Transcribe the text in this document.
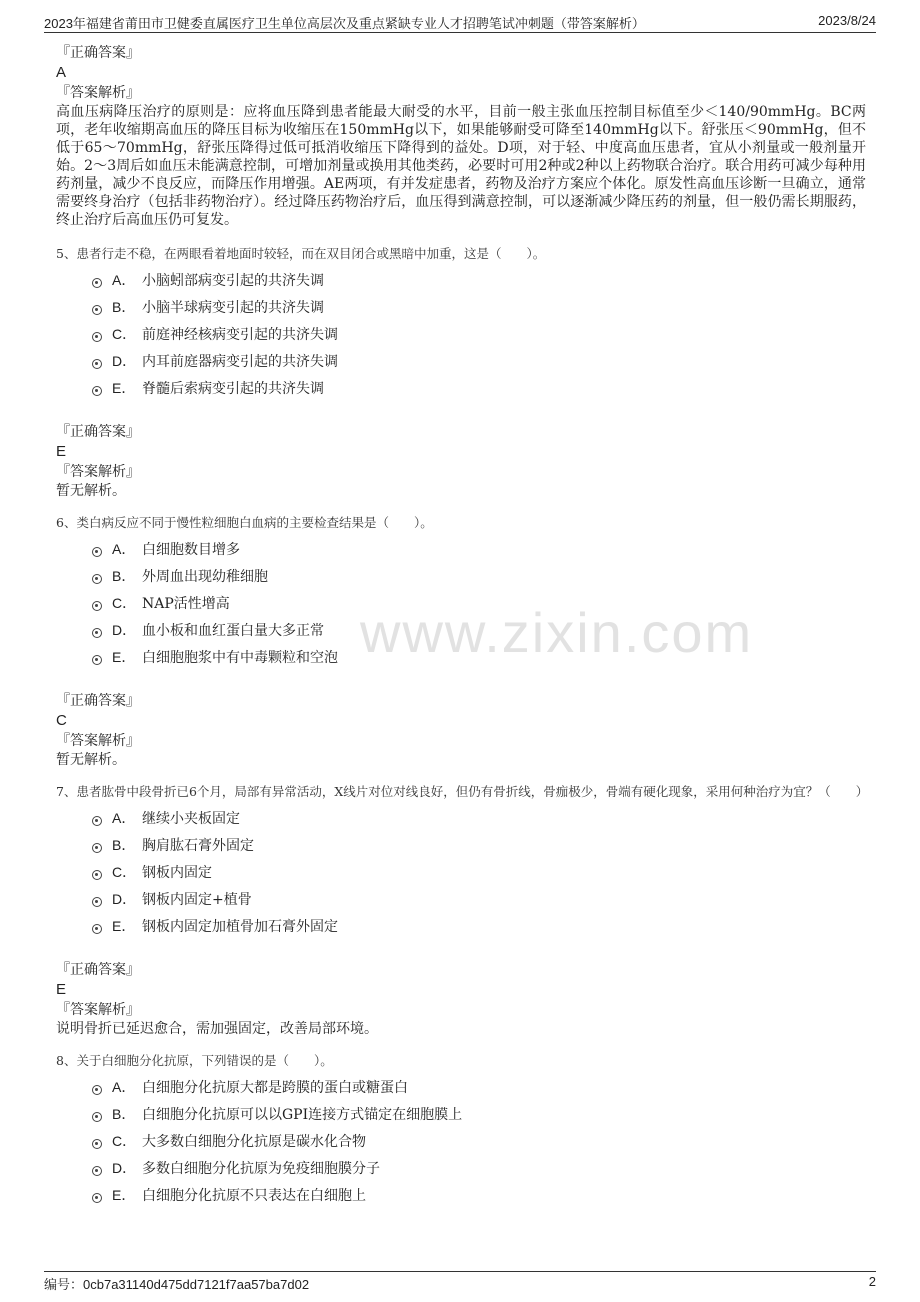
2023年福建省莆田市卫健委直属医疗卫生单位高层次及重点紧缺专业人才招聘笔试冲刺题（带答案解析）	2023/8/24
www.zixin.com
『正确答案』
A
『答案解析』
高血压病降压治疗的原则是：应将血压降到患者能最大耐受的水平，目前一般主张血压控制目标值至少＜140/90mmHg。BC两项，老年收缩期高血压的降压目标为收缩压在150mmHg以下，如果能够耐受可降至140mmHg以下。舒张压＜90mmHg，但不低于65～70mmHg，舒张压降得过低可抵消收缩压下降得到的益处。D项，对于轻、中度高血压患者，宜从小剂量或一般剂量开始。2～3周后如血压未能满意控制，可增加剂量或换用其他类药，必要时可用2种或2种以上药物联合治疗。联合用药可减少每种用药剂量，减少不良反应，而降压作用增强。AE两项，有并发症患者，药物及治疗方案应个体化。原发性高血压诊断一旦确立，通常需要终身治疗（包括非药物治疗）。经过降压药物治疗后，血压得到满意控制，可以逐渐减少降压药的剂量，但一般仍需长期服药，终止治疗后高血压仍可复发。
5、患者行走不稳，在两眼看着地面时较轻，而在双目闭合或黑暗中加重，这是（　　）。
A． 小脑蚓部病变引起的共济失调
B． 小脑半球病变引起的共济失调
C． 前庭神经核病变引起的共济失调
D． 内耳前庭器病变引起的共济失调
E． 脊髓后索病变引起的共济失调
『正确答案』
E
『答案解析』
暂无解析。
6、类白病反应不同于慢性粒细胞白血病的主要检查结果是（　　）。
A． 白细胞数目增多
B． 外周血出现幼稚细胞
C． NAP活性增高
D． 血小板和血红蛋白量大多正常
E． 白细胞胞浆中有中毒颗粒和空泡
『正确答案』
C
『答案解析』
暂无解析。
7、患者肱骨中段骨折已6个月，局部有异常活动，X线片对位对线良好，但仍有骨折线，骨痂极少，骨端有硬化现象，采用何种治疗为宜？（　　）
A． 继续小夹板固定
B． 胸肩肱石膏外固定
C． 钢板内固定
D． 钢板内固定+植骨
E． 钢板内固定加植骨加石膏外固定
『正确答案』
E
『答案解析』
说明骨折已延迟愈合，需加强固定，改善局部环境。
8、关于白细胞分化抗原，下列错误的是（　　）。
A． 白细胞分化抗原大都是跨膜的蛋白或糖蛋白
B． 白细胞分化抗原可以以GPI连接方式锚定在细胞膜上
C． 大多数白细胞分化抗原是碳水化合物
D． 多数白细胞分化抗原为免疫细胞膜分子
E． 白细胞分化抗原不只表达在白细胞上
编号：0cb7a31140d475dd7121f7aa57ba7d02	2
